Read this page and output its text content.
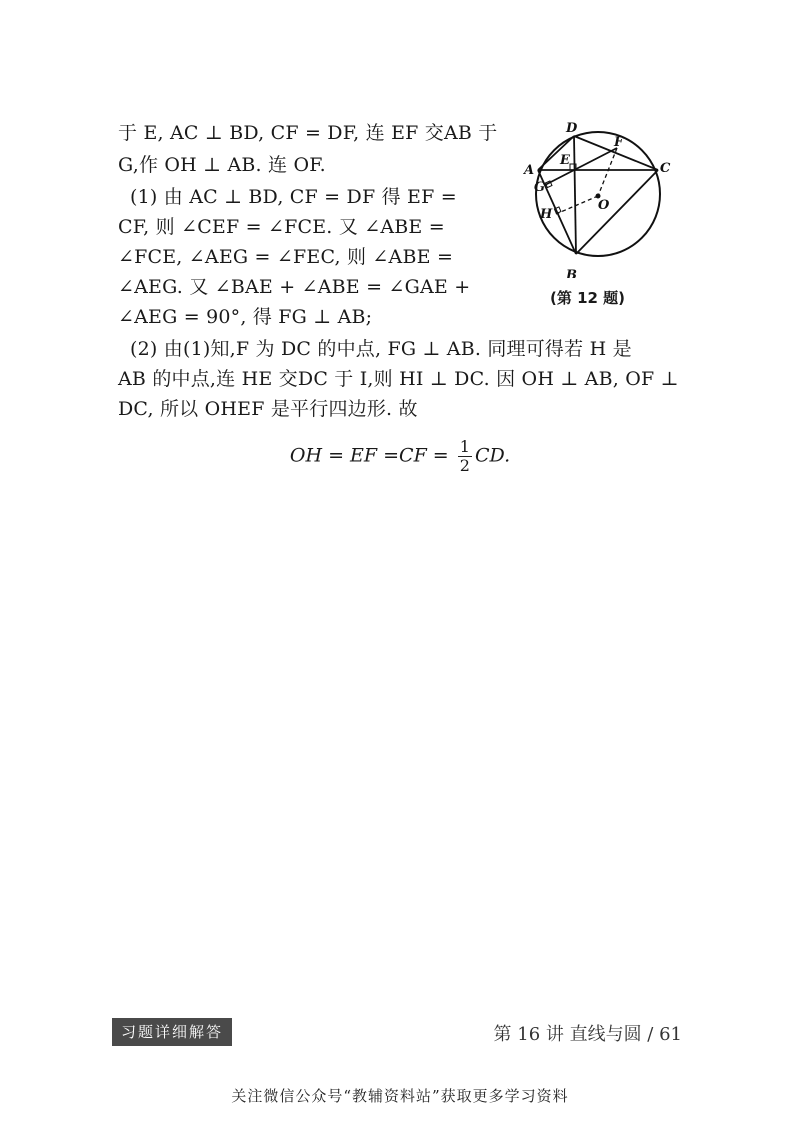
于 E, AC ⊥ BD, CF = DF, 连 EF 交AB 于
G,作 OH ⊥ AB. 连 OF.
(1) 由 AC ⊥ BD, CF = DF 得 EF =
CF, 则 ∠CEF = ∠FCE. 又 ∠ABE =
∠FCE, ∠AEG = ∠FEC, 则 ∠ABE =
∠AEG. 又 ∠BAE + ∠ABE = ∠GAE +
∠AEG = 90°, 得 FG ⊥ AB;
(2) 由(1)知,F 为 DC 的中点, FG ⊥ AB. 同理可得若 H 是
AB 的中点,连 HE 交DC 于 I,则 HI ⊥ DC. 因 OH ⊥ AB, OF ⊥
DC, 所以 OHEF 是平行四边形. 故
OH = EF $=CF = \frac{1}{2}$ CD.
A
B
C
D
E
F
G
H
O
(第 12 题)
习题详细解答	第 16 讲 直线与圆 / 61
关注微信公众号“教辅资料站”获取更多学习资料
